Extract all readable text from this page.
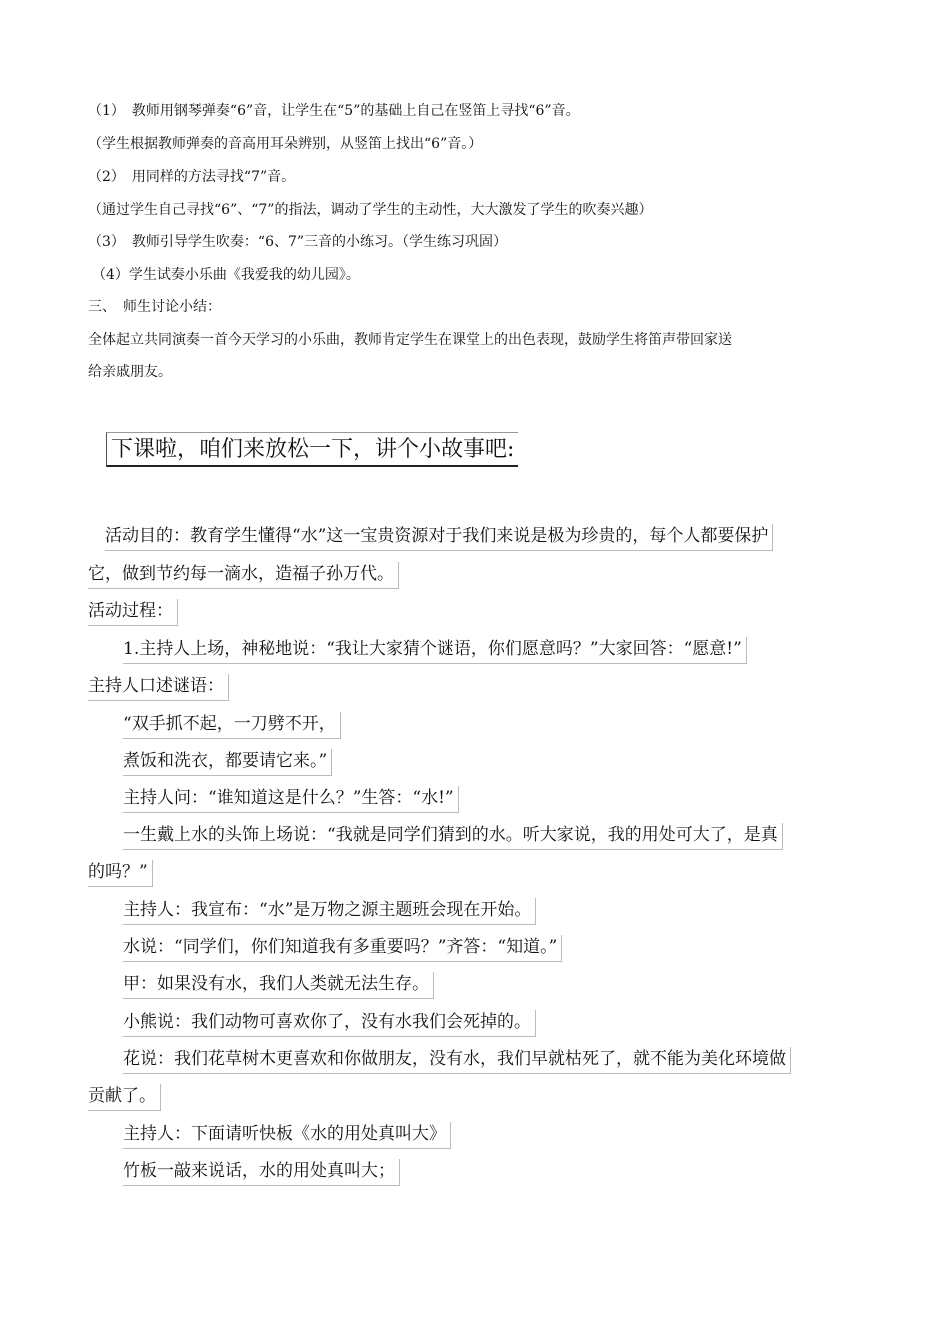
（1）　教师用钢琴弹奏“6”音，让学生在“5”的基础上自己在竖笛上寻找“6”音。
（学生根据教师弹奏的音高用耳朵辨别，从竖笛上找出“6”音。）
（2）　用同样的方法寻找“7”音。
（通过学生自己寻找“6”、“7”的指法，调动了学生的主动性，大大激发了学生的吹奏兴趣）
（3）　教师引导学生吹奏：“6、7”三音的小练习。（学生练习巩固）
（4）学生试奏小乐曲《我爱我的幼儿园》。
三、　师生讨论小结：
全体起立共同演奏一首今天学习的小乐曲，教师肯定学生在课堂上的出色表现，鼓励学生将笛声带回家送
给亲戚朋友。
下课啦，咱们来放松一下，讲个小故事吧:
活动目的：教育学生懂得“水”这一宝贵资源对于我们来说是极为珍贵的，每个人都要保护
它，做到节约每一滴水，造福子孙万代。
活动过程：
1.主持人上场，神秘地说：“我让大家猜个谜语，你们愿意吗？”大家回答：“愿意!”
主持人口述谜语：
“双手抓不起，一刀劈不开，
煮饭和洗衣，都要请它来。”
主持人问：“谁知道这是什么？”生答：“水!”
一生戴上水的头饰上场说：“我就是同学们猜到的水。听大家说，我的用处可大了，是真
的吗？”
主持人：我宣布：“水”是万物之源主题班会现在开始。
水说：“同学们，你们知道我有多重要吗？”齐答：“知道。”
甲：如果没有水，我们人类就无法生存。
小熊说：我们动物可喜欢你了，没有水我们会死掉的。
花说：我们花草树木更喜欢和你做朋友，没有水，我们早就枯死了，就不能为美化环境做
贡献了。
主持人：下面请听快板《水的用处真叫大》
竹板一敲来说话，水的用处真叫大；
